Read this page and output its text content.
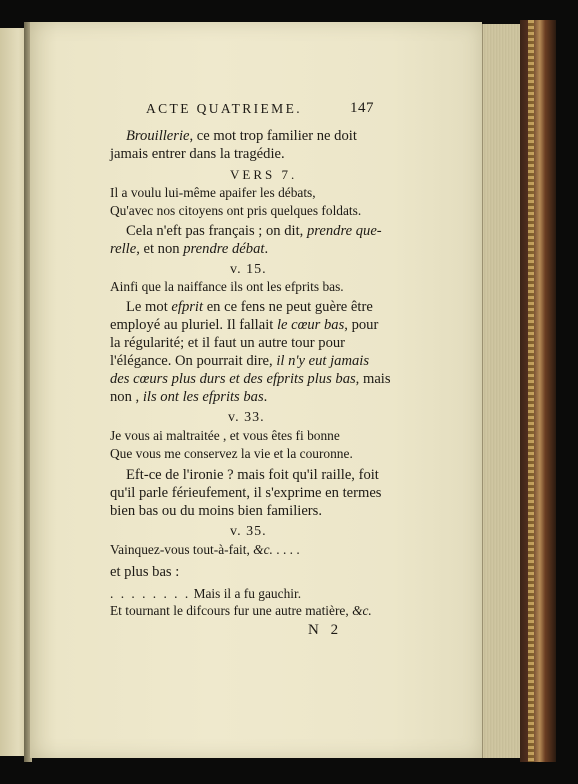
ACTE QUATRIEME.	147
Brouillerie, ce mot trop familier ne doit
jamais entrer dans la tragédie.
VERS 7.
Il a voulu lui-même apaifer les débats,
Qu'avec nos citoyens ont pris quelques foldats.
Cela n'eft pas français ; on dit, prendre que-
relle, et non prendre débat.
v. 15.
Ainfi que la naiffance ils ont les efprits bas.
Le mot efprit en ce fens ne peut guère être
employé au pluriel. Il fallait le cœur bas, pour
la régularité; et il faut un autre tour pour
l'élégance. On pourrait dire, il n'y eut jamais
des cœurs plus durs et des efprits plus bas, mais
non , ils ont les efprits bas.
v. 33.
Je vous ai maltraitée , et vous êtes fi bonne
Que vous me conservez la vie et la couronne.
Eft-ce de l'ironie ? mais foit qu'il raille, foit
qu'il parle férieufement, il s'exprime en termes
bien bas ou du moins bien familiers.
v. 35.
Vainquez-vous tout-à-fait, &c. . . . .
et plus bas :
. . . . . . . . Mais il a fu gauchir.
Et tournant le difcours fur une autre matière, &c.
N 2
